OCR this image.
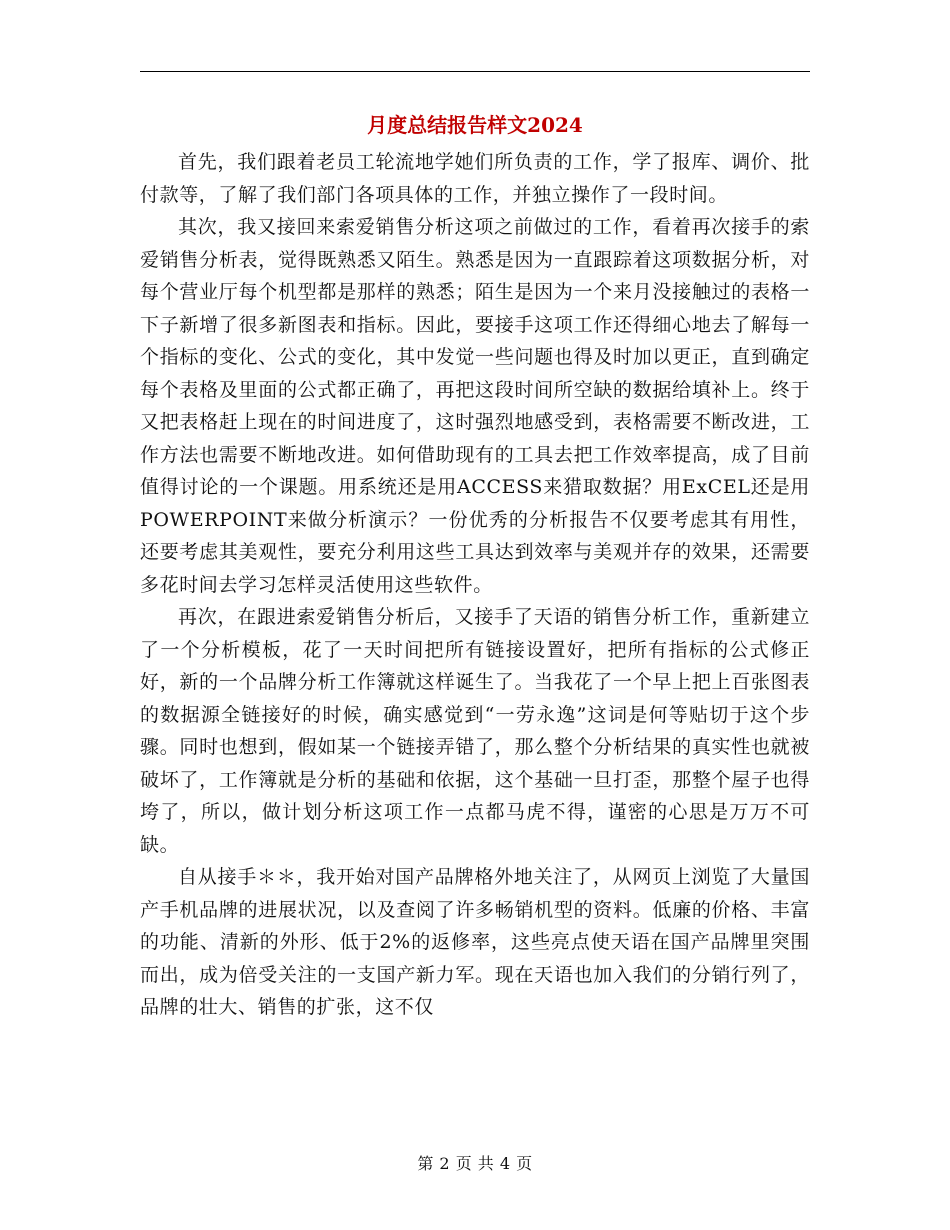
月度总结报告样文2024

首先，我们跟着老员工轮流地学她们所负责的工作，学了报库、调价、批付款等，了解了我们部门各项具体的工作，并独立操作了一段时间。

其次，我又接回来索爱销售分析这项之前做过的工作，看着再次接手的索爱销售分析表，觉得既熟悉又陌生。熟悉是因为一直跟踪着这项数据分析，对每个营业厅每个机型都是那样的熟悉；陌生是因为一个来月没接触过的表格一下子新增了很多新图表和指标。因此，要接手这项工作还得细心地去了解每一个指标的变化、公式的变化，其中发觉一些问题也得及时加以更正，直到确定每个表格及里面的公式都正确了，再把这段时间所空缺的数据给填补上。终于又把表格赶上现在的时间进度了，这时强烈地感受到，表格需要不断改进，工作方法也需要不断地改进。如何借助现有的工具去把工作效率提高，成了目前值得讨论的一个课题。用系统还是用ACCESS来猎取数据？用ExCEL还是用POWERPOINT来做分析演示？一份优秀的分析报告不仅要考虑其有用性，还要考虑其美观性，要充分利用这些工具达到效率与美观并存的效果，还需要多花时间去学习怎样灵活使用这些软件。

再次，在跟进索爱销售分析后，又接手了天语的销售分析工作，重新建立了一个分析模板，花了一天时间把所有链接设置好，把所有指标的公式修正好，新的一个品牌分析工作簿就这样诞生了。当我花了一个早上把上百张图表的数据源全链接好的时候，确实感觉到“一劳永逸”这词是何等贴切于这个步骤。同时也想到，假如某一个链接弄错了，那么整个分析结果的真实性也就被破坏了，工作簿就是分析的基础和依据，这个基础一旦打歪，那整个屋子也得垮了，所以，做计划分析这项工作一点都马虎不得，谨密的心思是万万不可缺。

自从接手＊＊，我开始对国产品牌格外地关注了，从网页上浏览了大量国产手机品牌的进展状况，以及查阅了许多畅销机型的资料。低廉的价格、丰富的功能、清新的外形、低于2%的返修率，这些亮点使天语在国产品牌里突围而出，成为倍受关注的一支国产新力军。现在天语也加入我们的分销行列了，品牌的壮大、销售的扩张，这不仅

第 2 页 共 4 页
